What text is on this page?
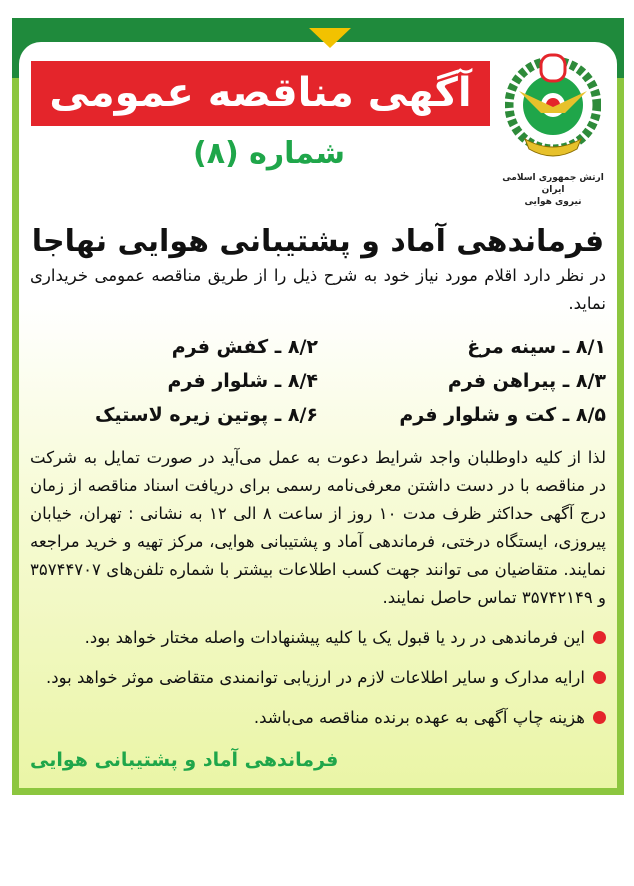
آگهی مناقصه عمومی
ارتش جمهوری اسلامی ایران
نیروی هوایی
شماره (۸)
فرماندهی آماد و پشتیبانی هوایی نهاجا
در نظر دارد اقلام مورد نیاز خود به شرح ذیل را از طریق مناقصه عمومی خریداری نماید.
۸/۱ ـ سینه مرغ
۸/۲ ـ کفش فرم
۸/۳ ـ پیراهن فرم
۸/۴ ـ شلوار فرم
۸/۵ ـ کت و شلوار فرم
۸/۶ ـ پوتین زیره لاستیک
لذا از کلیه داوطلبان واجد شرایط دعوت به عمل می‌آید در صورت تمایل به شرکت در مناقصه با در دست داشتن معرفی‌نامه رسمی برای دریافت اسناد مناقصه از زمان درج آگهی حداکثر ظرف مدت ۱۰ روز از ساعت ۸ الی ۱۲ به نشانی : تهران، خیابان پیروزی، ایستگاه درختی، فرماندهی آماد و پشتیبانی هوایی، مرکز تهیه و خرید مراجعه نمایند. متقاضیان می توانند جهت کسب اطلاعات بیشتر با شماره تلفن‌های ۳۵۷۴۴۷۰۷ و ۳۵۷۴۲۱۴۹ تماس حاصل نمایند.
این فرماندهی در رد یا قبول یک یا کلیه پیشنهادات واصله مختار خواهد بود.
ارایه مدارک و سایر اطلاعات لازم در ارزیابی توانمندی متقاضی موثر خواهد بود.
هزینه چاپ آگهی به عهده برنده مناقصه می‌باشد.
فرماندهی آماد و پشتیبانی هوایی
